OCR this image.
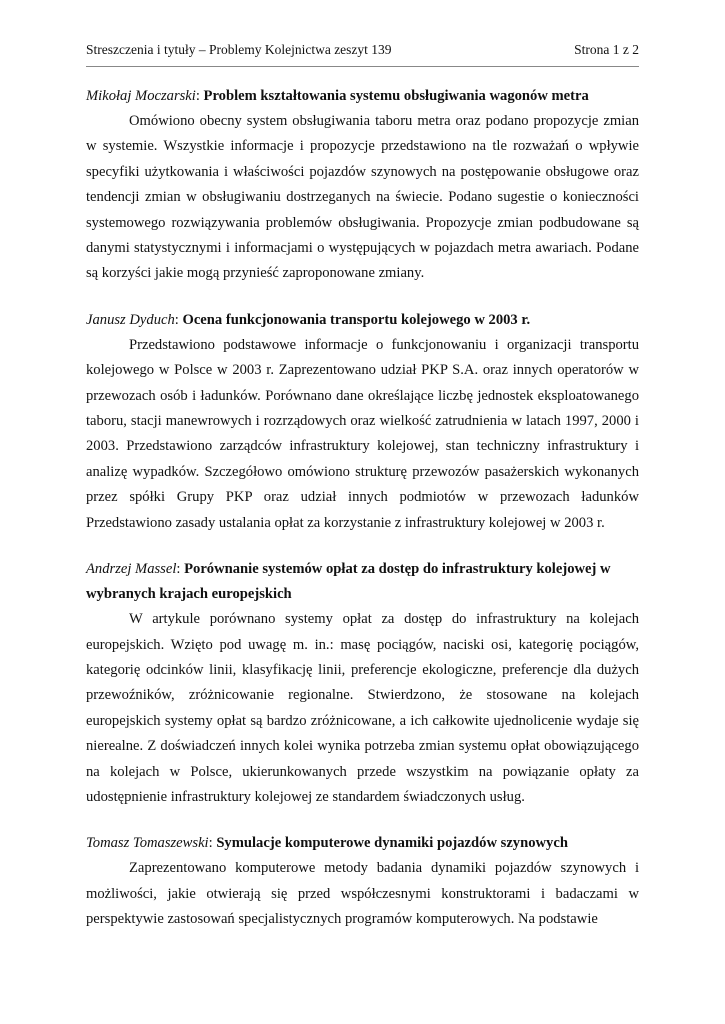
Streszczenia i tytuły – Problemy Kolejnictwa zeszyt 139	Strona 1 z 2

Mikołaj Moczarski: Problem kształtowania systemu obsługiwania wagonów metra

Omówiono obecny system obsługiwania taboru metra oraz podano propozycje zmian w systemie. Wszystkie informacje i propozycje przedstawiono na tle rozważań o wpływie specyfiki użytkowania i właściwości pojazdów szynowych na postępowanie obsługowe oraz tendencji zmian w obsługiwaniu dostrzeganych na świecie. Podano sugestie o konieczności systemowego rozwiązywania problemów obsługiwania. Propozycje zmian podbudowane są danymi statystycznymi i informacjami o występujących w pojazdach metra awariach. Podane są korzyści jakie mogą przynieść zaproponowane zmiany.

Janusz Dyduch: Ocena funkcjonowania transportu kolejowego w 2003 r.

Przedstawiono podstawowe informacje o funkcjonowaniu i organizacji transportu kolejowego w Polsce w 2003 r. Zaprezentowano udział PKP S.A. oraz innych operatorów w przewozach osób i ładunków. Porównano dane określające liczbę jednostek eksploatowanego taboru, stacji manewrowych i rozrządowych oraz wielkość zatrudnienia w latach 1997, 2000 i 2003. Przedstawiono zarządców infrastruktury kolejowej, stan techniczny infrastruktury i analizę wypadków. Szczegółowo omówiono strukturę przewozów pasażerskich wykonanych przez spółki Grupy PKP oraz udział innych podmiotów w przewozach ładunków Przedstawiono zasady ustalania opłat za korzystanie z infrastruktury kolejowej w 2003 r.

Andrzej Massel: Porównanie systemów opłat za dostęp do infrastruktury kolejowej w wybranych krajach europejskich

W artykule porównano systemy opłat za dostęp do infrastruktury na kolejach europejskich. Wzięto pod uwagę m. in.: masę pociągów, naciski osi, kategorię pociągów, kategorię odcinków linii, klasyfikację linii, preferencje ekologiczne, preferencje dla dużych przewoźników, zróżnicowanie regionalne. Stwierdzono, że stosowane na kolejach europejskich systemy opłat są bardzo zróżnicowane, a ich całkowite ujednolicenie wydaje się nierealne. Z doświadczeń innych kolei wynika potrzeba zmian systemu opłat obowiązującego na kolejach w Polsce, ukierunkowanych przede wszystkim na powiązanie opłaty za udostępnienie infrastruktury kolejowej ze standardem świadczonych usług.

Tomasz Tomaszewski: Symulacje komputerowe dynamiki pojazdów szynowych

Zaprezentowano komputerowe metody badania dynamiki pojazdów szynowych i możliwości, jakie otwierają się przed współczesnymi konstruktorami i badaczami w perspektywie zastosowań specjalistycznych programów komputerowych. Na podstawie
